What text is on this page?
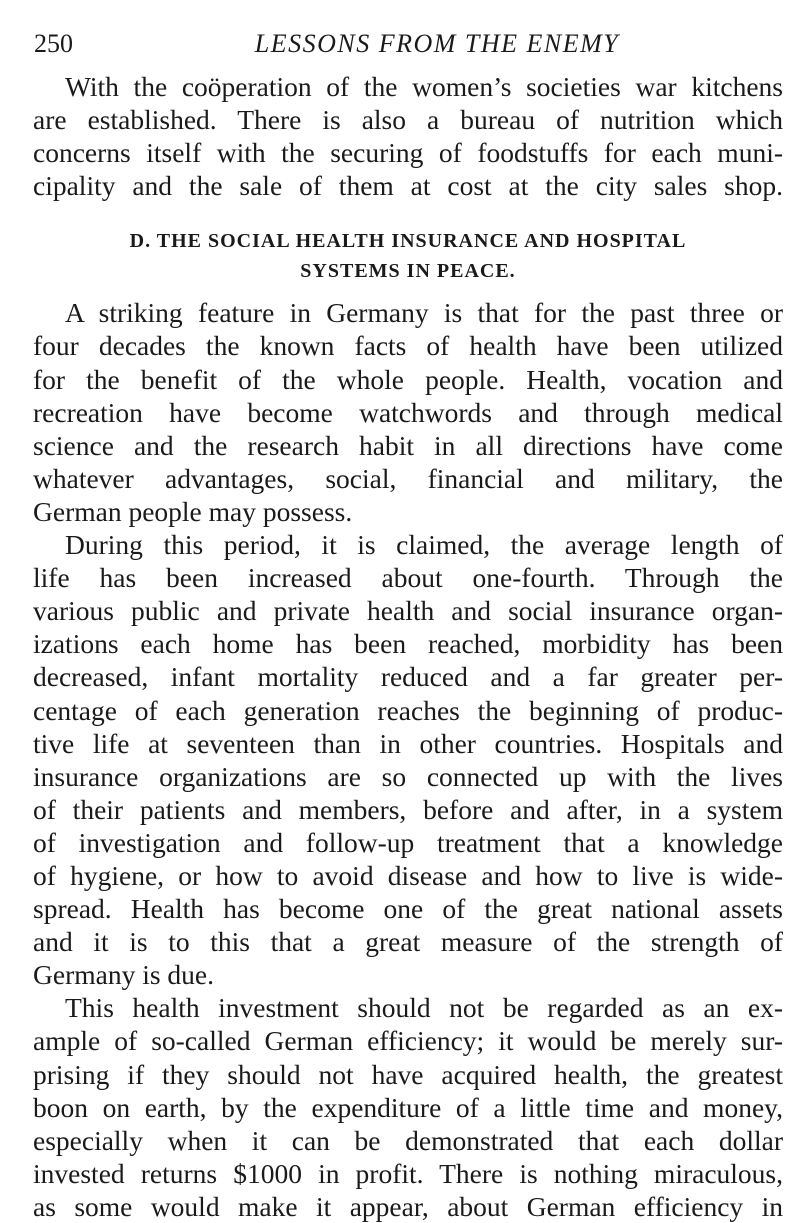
250	LESSONS FROM THE ENEMY
With the coöperation of the women’s societies war kitchens
are established. There is also a bureau of nutrition which
concerns itself with the securing of foodstuffs for each muni-
cipality and the sale of them at cost at the city sales shop.
D. THE SOCIAL HEALTH INSURANCE AND HOSPITAL
SYSTEMS IN PEACE.
A striking feature in Germany is that for the past three or
four decades the known facts of health have been utilized
for the benefit of the whole people. Health, vocation and
recreation have become watchwords and through medical
science and the research habit in all directions have come
whatever advantages, social, financial and military, the
German people may possess.
During this period, it is claimed, the average length of
life has been increased about one-fourth. Through the
various public and private health and social insurance organ-
izations each home has been reached, morbidity has been
decreased, infant mortality reduced and a far greater per-
centage of each generation reaches the beginning of produc-
tive life at seventeen than in other countries. Hospitals and
insurance organizations are so connected up with the lives
of their patients and members, before and after, in a system
of investigation and follow-up treatment that a knowledge
of hygiene, or how to avoid disease and how to live is wide-
spread. Health has become one of the great national assets
and it is to this that a great measure of the strength of
Germany is due.
This health investment should not be regarded as an ex-
ample of so-called German efficiency; it would be merely sur-
prising if they should not have acquired health, the greatest
boon on earth, by the expenditure of a little time and money,
especially when it can be demonstrated that each dollar
invested returns $1000 in profit. There is nothing miraculous,
as some would make it appear, about German efficiency in
